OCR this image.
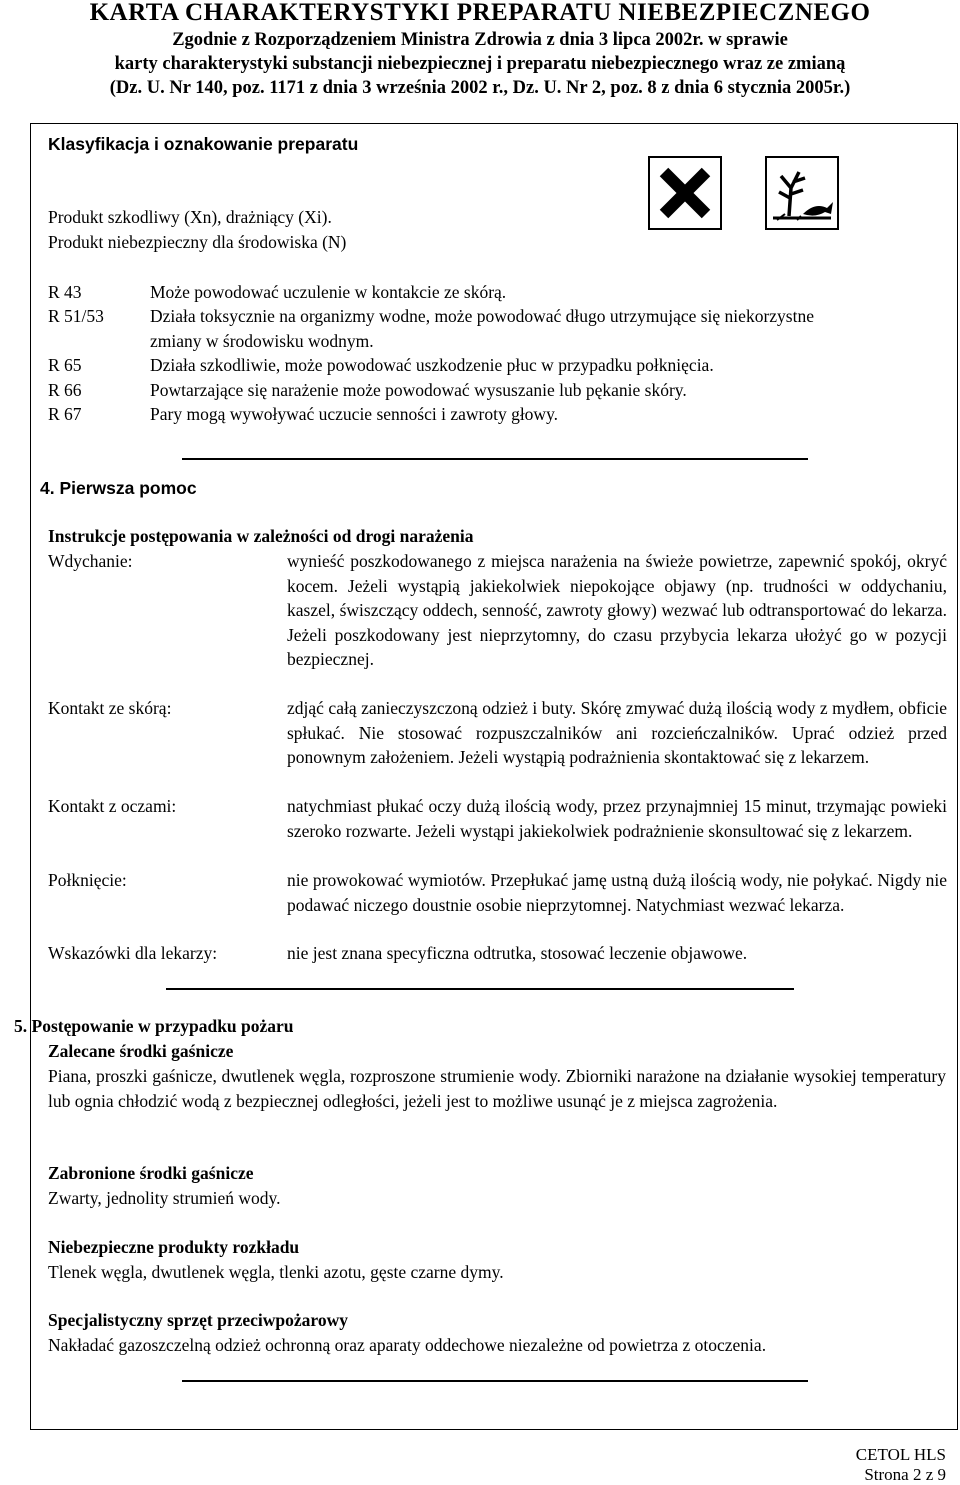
KARTA CHARAKTERYSTYKI PREPARATU NIEBEZPIECZNEGO
Zgodnie z Rozporządzeniem Ministra Zdrowia z dnia 3 lipca 2002r. w sprawie
karty charakterystyki substancji niebezpiecznej i preparatu niebezpiecznego wraz ze zmianą
(Dz. U. Nr 140, poz. 1171 z dnia 3 września 2002 r., Dz. U. Nr 2, poz. 8 z dnia 6 stycznia 2005r.)
Klasyfikacja i oznakowanie preparatu
Produkt szkodliwy (Xn), drażniący (Xi).
Produkt niebezpieczny dla środowiska (N)
R 43	Może powodować uczulenie w kontakcie ze skórą.
R 51/53	Działa toksycznie na organizmy wodne, może powodować długo utrzymujące się niekorzystne zmiany w środowisku wodnym.
R 65	Działa szkodliwie, może powodować uszkodzenie płuc w przypadku połknięcia.
R 66	Powtarzające się narażenie może powodować wysuszanie lub pękanie skóry.
R 67	Pary mogą wywoływać uczucie senności i zawroty głowy.
4. Pierwsza pomoc
Instrukcje postępowania w zależności od drogi narażenia
Wdychanie:	wynieść poszkodowanego z miejsca narażenia na świeże powietrze, zapewnić spokój, okryć kocem. Jeżeli wystąpią jakiekolwiek niepokojące objawy (np. trudności w oddychaniu, kaszel, świszczący oddech, senność, zawroty głowy) wezwać lub odtransportować do lekarza. Jeżeli poszkodowany jest nieprzytomny, do czasu przybycia lekarza ułożyć go w pozycji bezpiecznej.
Kontakt ze skórą:	zdjąć całą zanieczyszczoną odzież i buty. Skórę zmywać dużą ilością wody z mydłem, obficie spłukać. Nie stosować rozpuszczalników ani rozcieńczalników. Uprać odzież przed ponownym założeniem. Jeżeli wystąpią podrażnienia skontaktować się z lekarzem.
Kontakt z oczami:	natychmiast płukać oczy dużą ilością wody, przez przynajmniej 15 minut, trzymając powieki szeroko rozwarte. Jeżeli wystąpi jakiekolwiek podrażnienie skonsultować się z lekarzem.
Połknięcie:	nie prowokować wymiotów. Przepłukać jamę ustną dużą ilością wody, nie połykać. Nigdy nie podawać niczego doustnie osobie nieprzytomnej. Natychmiast wezwać lekarza.
Wskazówki dla lekarzy:	nie jest znana specyficzna odtrutka, stosować leczenie objawowe.
5. Postępowanie w przypadku pożaru
Zalecane środki gaśnicze
Piana, proszki gaśnicze, dwutlenek węgla, rozproszone strumienie wody. Zbiorniki narażone na działanie wysokiej temperatury lub ognia chłodzić wodą z bezpiecznej odległości, jeżeli jest to możliwe usunąć je z miejsca zagrożenia.
Zabronione środki gaśnicze
Zwarty, jednolity strumień wody.
Niebezpieczne produkty rozkładu
Tlenek węgla, dwutlenek węgla, tlenki azotu, gęste czarne dymy.
Specjalistyczny sprzęt przeciwpożarowy
Nakładać gazoszczelną odzież ochronną oraz aparaty oddechowe niezależne od powietrza z otoczenia.
CETOL HLS
Strona 2 z 9
